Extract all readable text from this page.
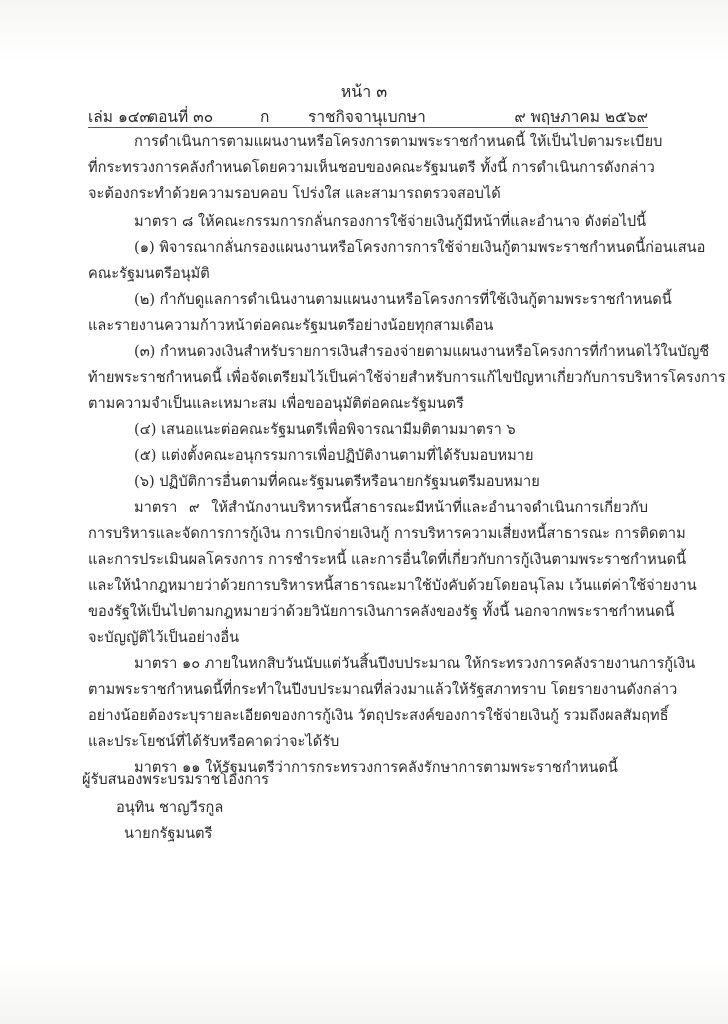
หน้า ๓
เล่ม ๑๔๓
ตอนที่ ๓๐	ก ราชกิจจานุเบกษา	๙ พฤษภาคม ๒๕๖๙
การดำเนินการตามแผนงานหรือโครงการตามพระราชกำหนดนี้ ให้เป็นไปตามระเบียบ
ที่กระทรวงการคลังกำหนดโดยความเห็นชอบของคณะรัฐมนตรี ทั้งนี้ การดำเนินการดังกล่าว
จะต้องกระทำด้วยความรอบคอบ โปร่งใส และสามารถตรวจสอบได้
มาตรา ๘ ให้คณะกรรมการกลั่นกรองการใช้จ่ายเงินกู้มีหน้าที่และอำนาจ ดังต่อไปนี้
(๑) พิจารณากลั่นกรองแผนงานหรือโครงการการใช้จ่ายเงินกู้ตามพระราชกำหนดนี้ก่อนเสนอ
คณะรัฐมนตรีอนุมัติ
(๒) กำกับดูแลการดำเนินงานตามแผนงานหรือโครงการที่ใช้เงินกู้ตามพระราชกำหนดนี้
และรายงานความก้าวหน้าต่อคณะรัฐมนตรีอย่างน้อยทุกสามเดือน
(๓) กำหนดวงเงินสำหรับรายการเงินสำรองจ่ายตามแผนงานหรือโครงการที่กำหนดไว้ในบัญชี
ท้ายพระราชกำหนดนี้ เพื่อจัดเตรียมไว้เป็นค่าใช้จ่ายสำหรับการแก้ไขปัญหาเกี่ยวกับการบริหารโครงการ
ตามความจำเป็นและเหมาะสม เพื่อขออนุมัติต่อคณะรัฐมนตรี
(๔) เสนอแนะต่อคณะรัฐมนตรีเพื่อพิจารณามีมติตามมาตรา ๖
(๕) แต่งตั้งคณะอนุกรรมการเพื่อปฏิบัติงานตามที่ได้รับมอบหมาย
(๖) ปฏิบัติการอื่นตามที่คณะรัฐมนตรีหรือนายกรัฐมนตรีมอบหมาย
มาตรา ๙ ให้สำนักงานบริหารหนี้สาธารณะมีหน้าที่และอำนาจดำเนินการเกี่ยวกับ
การบริหารและจัดการการกู้เงิน การเบิกจ่ายเงินกู้ การบริหารความเสี่ยงหนี้สาธารณะ การติดตาม
และการประเมินผลโครงการ การชำระหนี้ และการอื่นใดที่เกี่ยวกับการกู้เงินตามพระราชกำหนดนี้
และให้นำกฎหมายว่าด้วยการบริหารหนี้สาธารณะมาใช้บังคับด้วยโดยอนุโลม เว้นแต่ค่าใช้จ่ายงาน
ของรัฐให้เป็นไปตามกฎหมายว่าด้วยวินัยการเงินการคลังของรัฐ ทั้งนี้ นอกจากพระราชกำหนดนี้
จะบัญญัติไว้เป็นอย่างอื่น
มาตรา ๑๐ ภายในหกสิบวันนับแต่วันสิ้นปีงบประมาณ ให้กระทรวงการคลังรายงานการกู้เงิน
ตามพระราชกำหนดนี้ที่กระทำในปีงบประมาณที่ล่วงมาแล้วให้รัฐสภาทราบ โดยรายงานดังกล่าว
อย่างน้อยต้องระบุรายละเอียดของการกู้เงิน วัตถุประสงค์ของการใช้จ่ายเงินกู้ รวมถึงผลสัมฤทธิ์
และประโยชน์ที่ได้รับหรือคาดว่าจะได้รับ
มาตรา ๑๑ ให้รัฐมนตรีว่าการกระทรวงการคลังรักษาการตามพระราชกำหนดนี้
ผู้รับสนองพระบรมราชโองการ
อนุทิน ชาญวีรกูล
นายกรัฐมนตรี
